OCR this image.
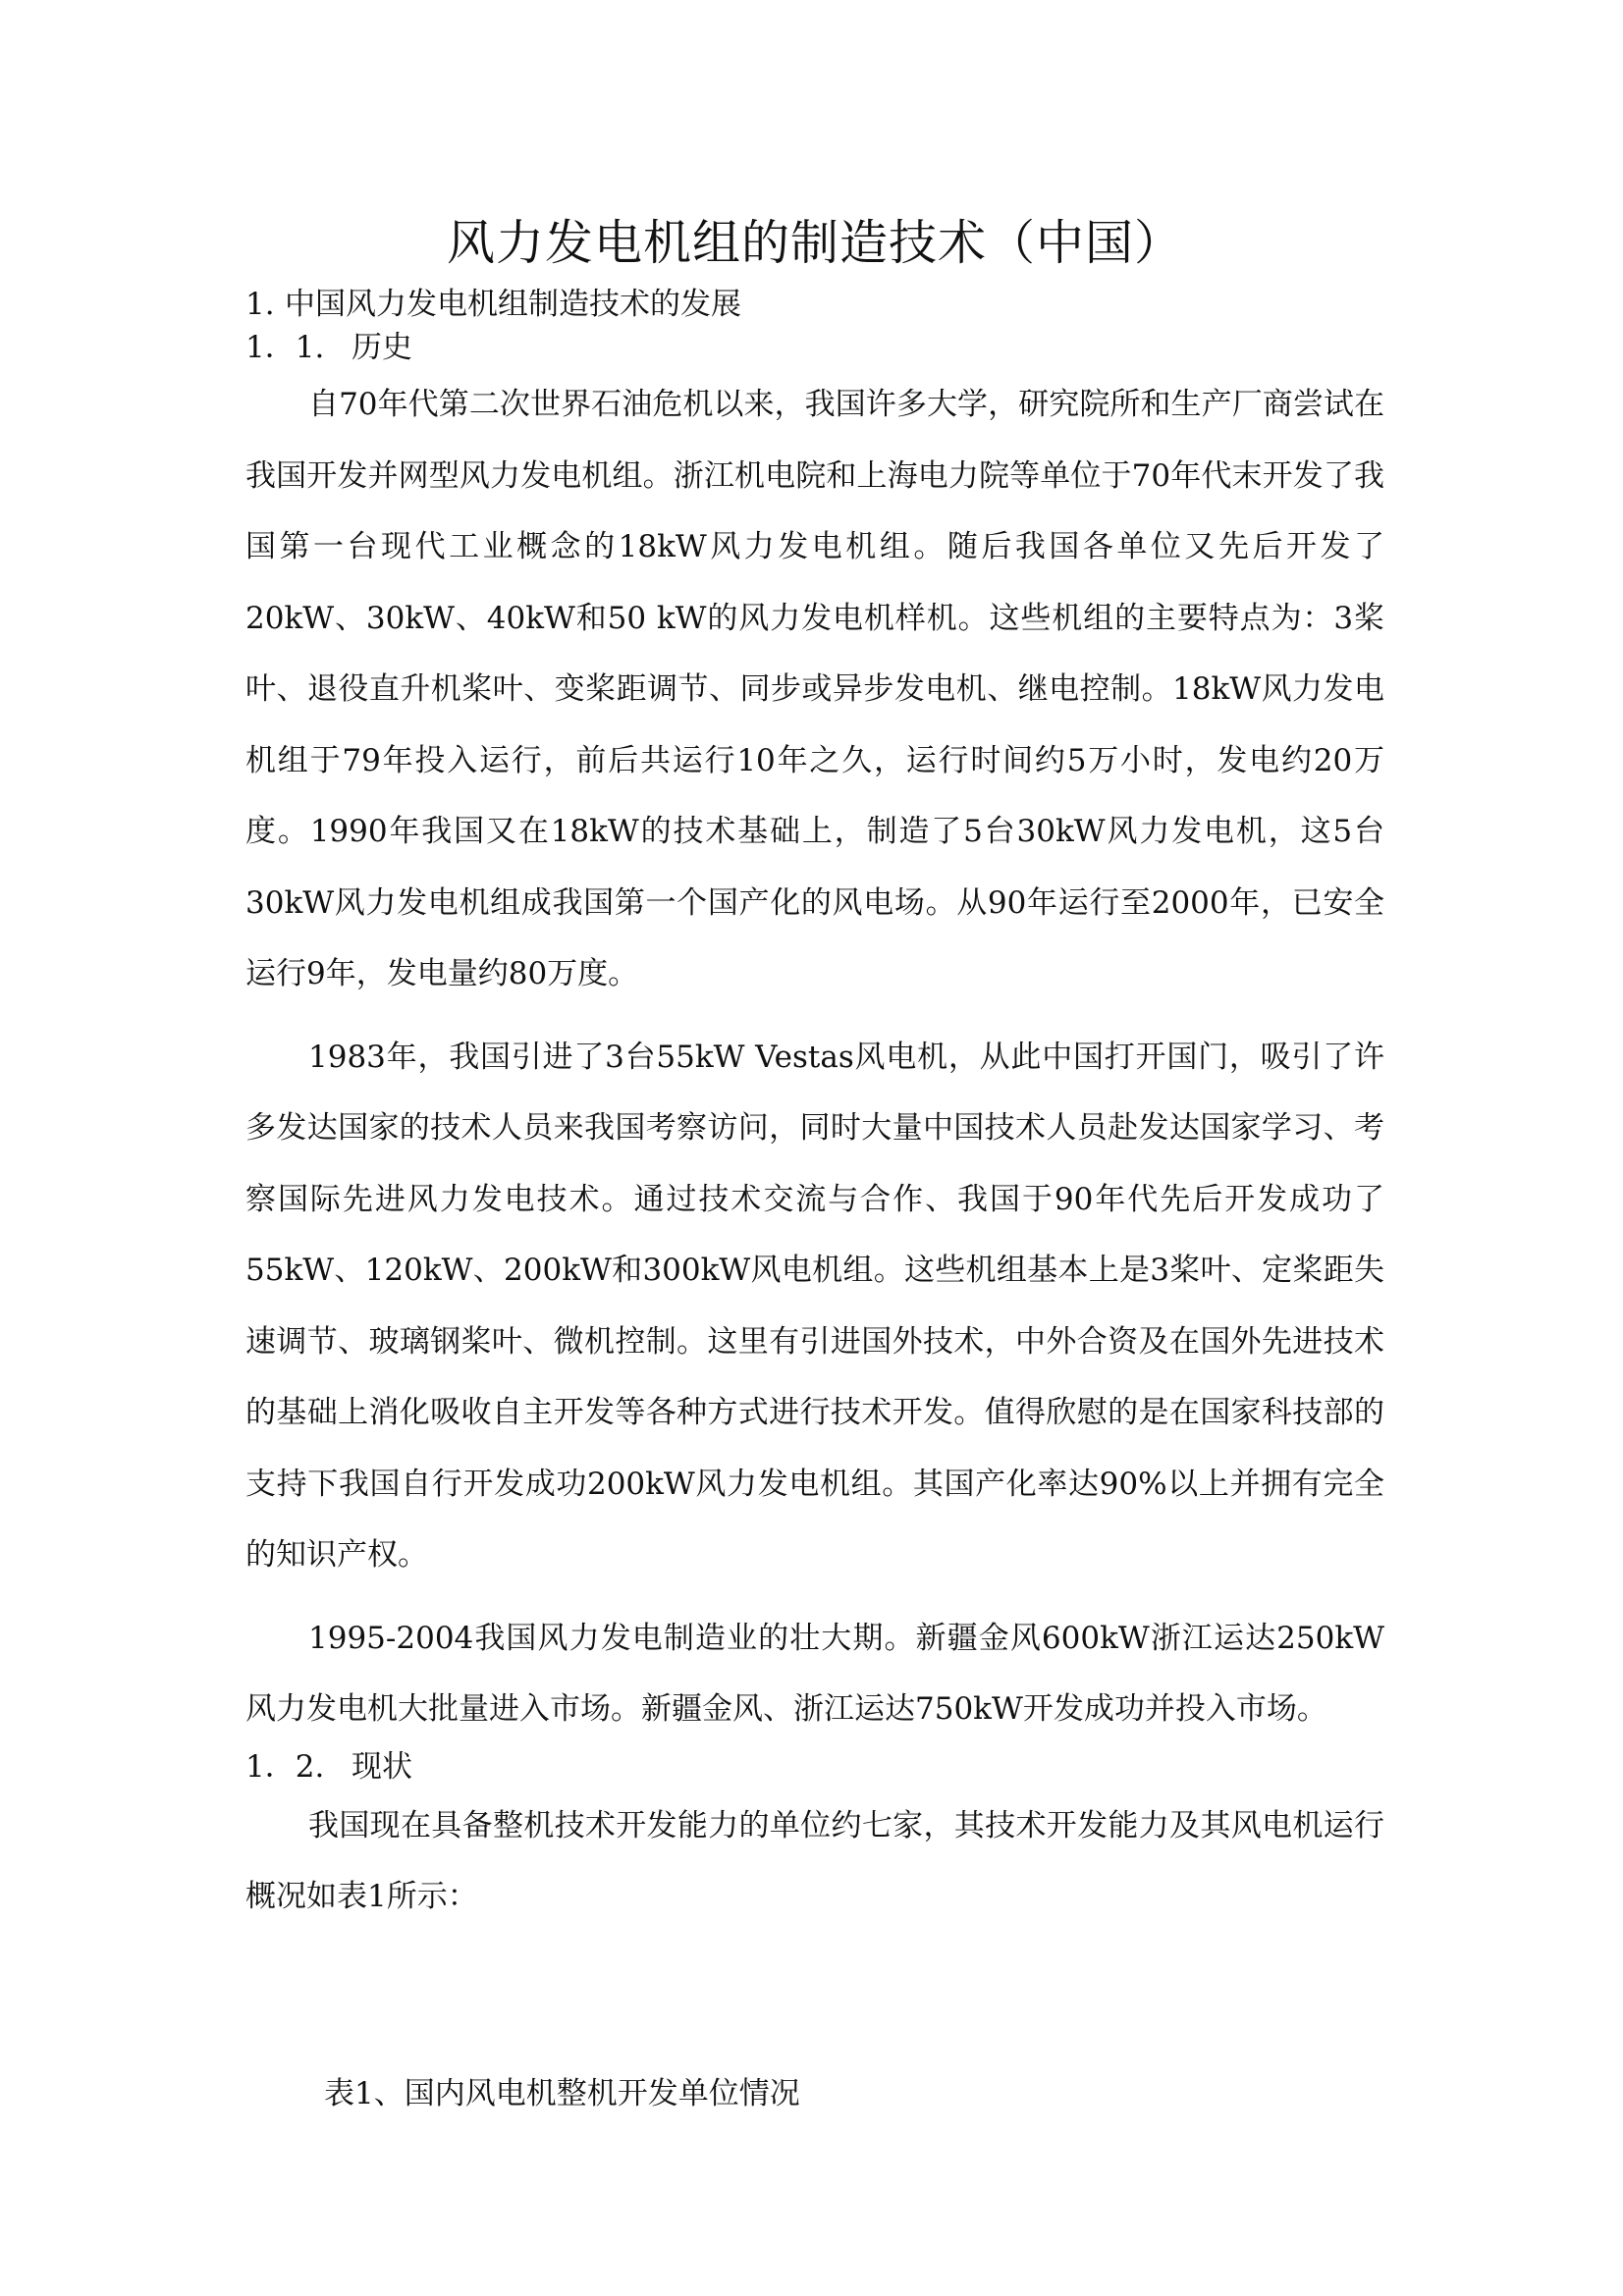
风力发电机组的制造技术（中国）

1. 中国风力发电机组制造技术的发展

1．1. 历史

自70年代第二次世界石油危机以来，我国许多大学，研究院所和生产厂商尝试在我国开发并网型风力发电机组。浙江机电院和上海电力院等单位于70年代末开发了我国第一台现代工业概念的18kW风力发电机组。随后我国各单位又先后开发了20kW、30kW、40kW和50 kW的风力发电机样机。这些机组的主要特点为：3桨叶、退役直升机桨叶、变桨距调节、同步或异步发电机、继电控制。18kW风力发电机组于79年投入运行，前后共运行10年之久，运行时间约5万小时，发电约20万度。1990年我国又在18kW的技术基础上，制造了5台30kW风力发电机，这5台30kW风力发电机组成我国第一个国产化的风电场。从90年运行至2000年，已安全运行9年，发电量约80万度。

1983年，我国引进了3台55kW Vestas风电机，从此中国打开国门，吸引了许多发达国家的技术人员来我国考察访问，同时大量中国技术人员赴发达国家学习、考察国际先进风力发电技术。通过技术交流与合作、我国于90年代先后开发成功了55kW、120kW、200kW和300kW风电机组。这些机组基本上是3桨叶、定桨距失速调节、玻璃钢桨叶、微机控制。这里有引进国外技术，中外合资及在国外先进技术的基础上消化吸收自主开发等各种方式进行技术开发。值得欣慰的是在国家科技部的支持下我国自行开发成功200kW风力发电机组。其国产化率达90%以上并拥有完全的知识产权。

1995-2004我国风力发电制造业的壮大期。新疆金风600kW浙江运达250kW风力发电机大批量进入市场。新疆金风、浙江运达750kW开发成功并投入市场。

1．2. 现状

我国现在具备整机技术开发能力的单位约七家，其技术开发能力及其风电机运行概况如表1所示：

表1、国内风电机整机开发单位情况
